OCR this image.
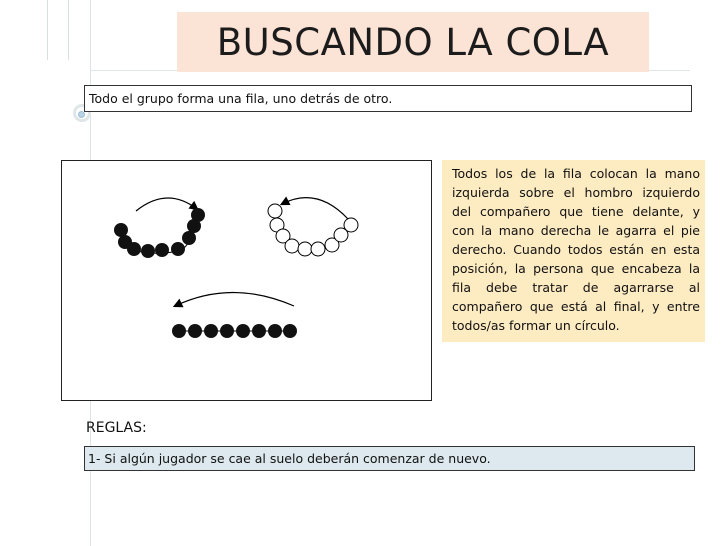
BUSCANDO LA COLA
Todo el grupo forma una fila, uno detrás de otro.
Todos los de la fila colocan la mano izquierda sobre el hombro izquierdo del compañero que tiene delante, y con la mano derecha le agarra el pie derecho. Cuando todos están en esta posición, la persona que encabeza la fila debe tratar de agarrarse al compañero que está al final, y entre todos/as formar un círculo.
REGLAS:
1- Si algún jugador se cae al suelo deberán comenzar de nuevo.
